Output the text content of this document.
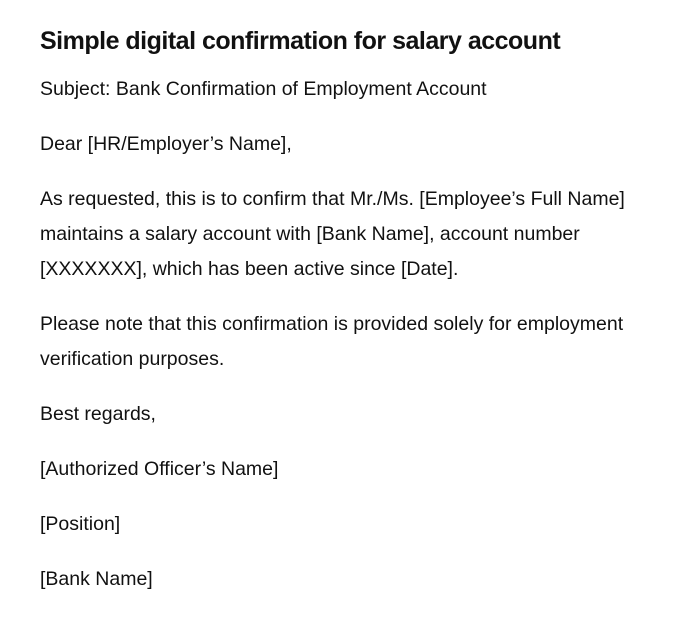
Simple digital confirmation for salary account

Subject: Bank Confirmation of Employment Account

Dear [HR/Employer’s Name],

As requested, this is to confirm that Mr./Ms. [Employee’s Full Name] maintains a salary account with [Bank Name], account number [XXXXXXX], which has been active since [Date].

Please note that this confirmation is provided solely for employment verification purposes.

Best regards,

[Authorized Officer’s Name]

[Position]

[Bank Name]
